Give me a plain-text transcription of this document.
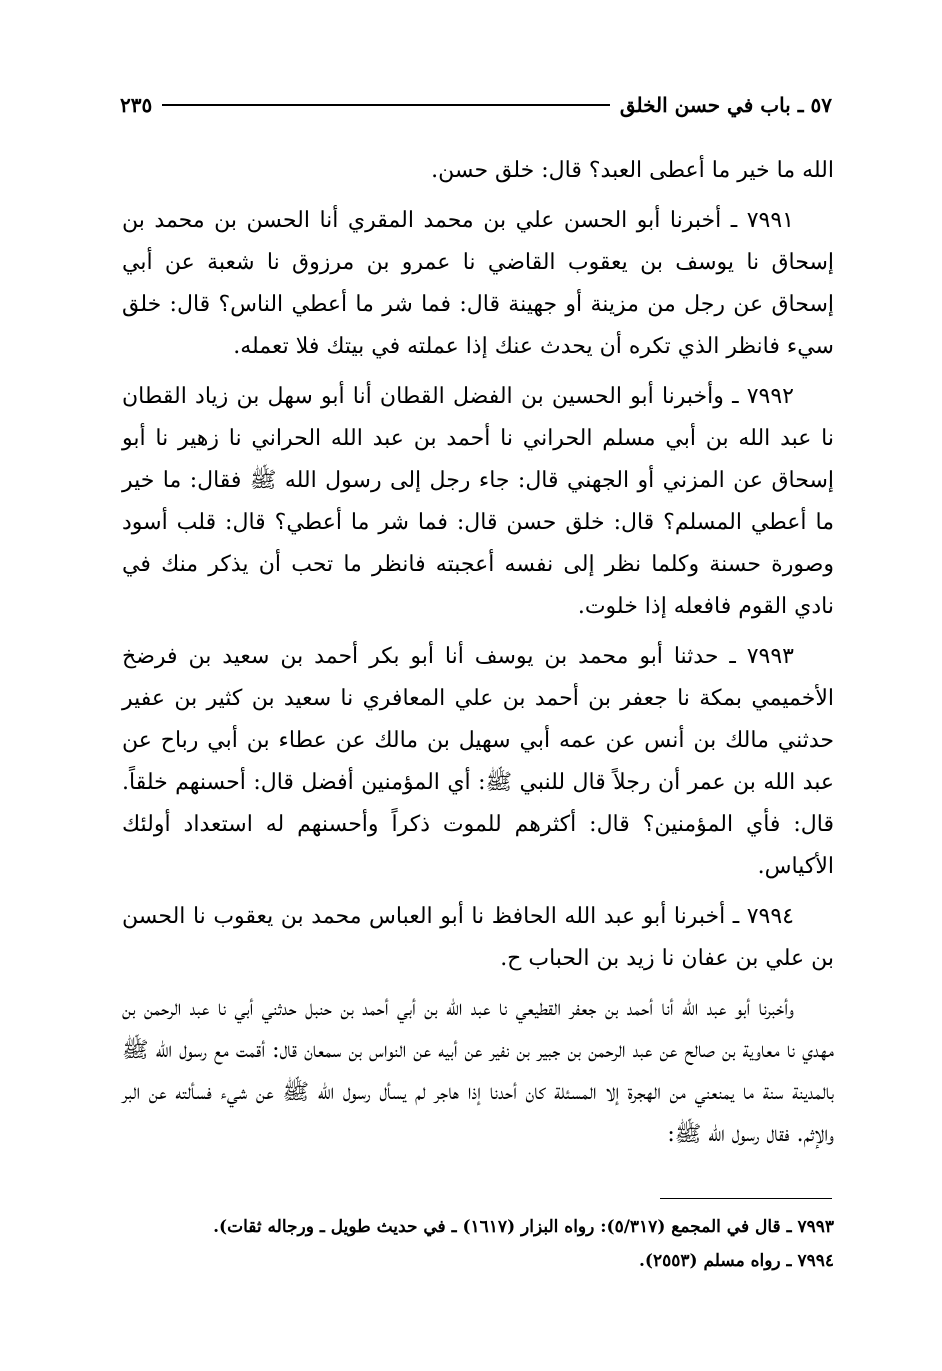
٥٧ ـ باب في حسن الخلق
٢٣٥

الله ما خير ما أعطى العبد؟ قال: خلق حسن.

٧٩٩١ ـ أخبرنا أبو الحسن علي بن محمد المقري أنا الحسن بن محمد بن إسحاق نا يوسف بن يعقوب القاضي نا عمرو بن مرزوق نا شعبة عن أبي إسحاق عن رجل من مزينة أو جهينة قال: فما شر ما أعطي الناس؟ قال: خلق سيء فانظر الذي تكره أن يحدث عنك إذا عملته في بيتك فلا تعمله.

٧٩٩٢ ـ وأخبرنا أبو الحسين بن الفضل القطان أنا أبو سهل بن زياد القطان نا عبد الله بن أبي مسلم الحراني نا أحمد بن عبد الله الحراني نا زهير نا أبو إسحاق عن المزني أو الجهني قال: جاء رجل إلى رسول الله ﷺ فقال: ما خير ما أعطي المسلم؟ قال: خلق حسن قال: فما شر ما أعطي؟ قال: قلب أسود وصورة حسنة وكلما نظر إلى نفسه أعجبته فانظر ما تحب أن يذكر منك في نادي القوم فافعله إذا خلوت.

٧٩٩٣ ـ حدثنا أبو محمد بن يوسف أنا أبو بكر أحمد بن سعيد بن فرضخ الأخميمي بمكة نا جعفر بن أحمد بن علي المعافري نا سعيد بن كثير بن عفير حدثني مالك بن أنس عن عمه أبي سهيل بن مالك عن عطاء بن أبي رباح عن عبد الله بن عمر أن رجلاً قال للنبي ﷺ: أي المؤمنين أفضل قال: أحسنهم خلقاً. قال: فأي المؤمنين؟ قال: أكثرهم للموت ذكراً وأحسنهم له استعداد أولئك الأكياس.

٧٩٩٤ ـ أخبرنا أبو عبد الله الحافظ نا أبو العباس محمد بن يعقوب نا الحسن بن علي بن عفان نا زيد بن الحباب ح.

وأخبرنا أبو عبد الله أنا أحمد بن جعفر القطيعي نا عبد الله بن أبي أحمد بن حنبل حدثني أبي نا عبد الرحمن بن مهدي نا معاوية بن صالح عن عبد الرحمن بن جبير بن نفير عن أبيه عن النواس بن سمعان قال: أقمت مع رسول الله ﷺ بالمدينة سنة ما يمنعني من الهجرة إلا المسئلة كان أحدنا إذا هاجر لم يسأل رسول الله ﷺ عن شيء فسألته عن البر والإثم. فقال رسول الله ﷺ:

٧٩٩٣ ـ قال في المجمع (٥/٣١٧): رواه البزار (١٦١٧) ـ في حديث طويل ـ ورجاله ثقات).

٧٩٩٤ ـ رواه مسلم (٢٥٥٣).
